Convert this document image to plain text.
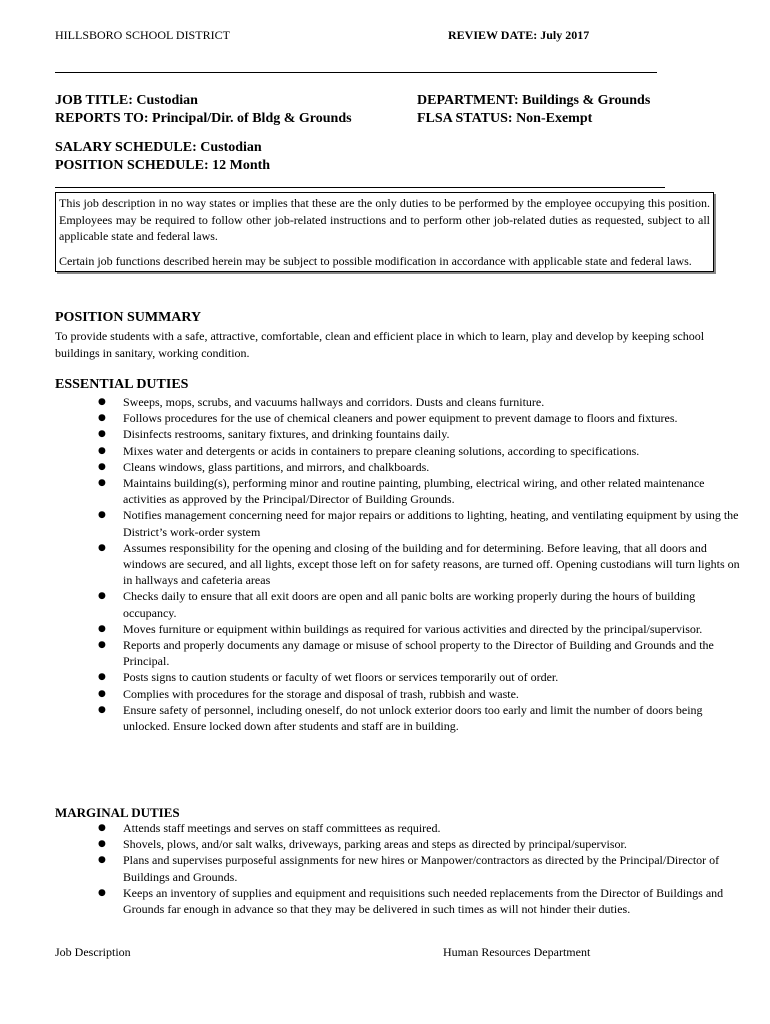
HILLSBORO SCHOOL DISTRICT	REVIEW DATE: July 2017
JOB TITLE: Custodian
REPORTS TO: Principal/Dir. of Bldg & Grounds
DEPARTMENT: Buildings & Grounds
FLSA STATUS: Non-Exempt
SALARY SCHEDULE: Custodian
POSITION SCHEDULE: 12 Month

This job description in no way states or implies that these are the only duties to be performed by the employee occupying this position. Employees may be required to follow other job-related instructions and to perform other job-related duties as requested, subject to all applicable state and federal laws.

Certain job functions described herein may be subject to possible modification in accordance with applicable state and federal laws.

POSITION SUMMARY
To provide students with a safe, attractive, comfortable, clean and efficient place in which to learn, play and develop by keeping school buildings in sanitary, working condition.
ESSENTIAL DUTIES
● Sweeps, mops, scrubs, and vacuums hallways and corridors. Dusts and cleans furniture.
● Follows procedures for the use of chemical cleaners and power equipment to prevent damage to floors and fixtures.
● Disinfects restrooms, sanitary fixtures, and drinking fountains daily.
● Mixes water and detergents or acids in containers to prepare cleaning solutions, according to specifications.
● Cleans windows, glass partitions, and mirrors, and chalkboards.
● Maintains building(s), performing minor and routine painting, plumbing, electrical wiring, and other related maintenance activities as approved by the Principal/Director of Building Grounds.
● Notifies management concerning need for major repairs or additions to lighting, heating, and ventilating equipment by using the District’s work-order system
● Assumes responsibility for the opening and closing of the building and for determining. Before leaving, that all doors and windows are secured, and all lights, except those left on for safety reasons, are turned off. Opening custodians will turn lights on in hallways and cafeteria areas
● Checks daily to ensure that all exit doors are open and all panic bolts are working properly during the hours of building occupancy.
● Moves furniture or equipment within buildings as required for various activities and directed by the principal/supervisor.
● Reports and properly documents any damage or misuse of school property to the Director of Building and Grounds and the Principal.
● Posts signs to caution students or faculty of wet floors or services temporarily out of order.
● Complies with procedures for the storage and disposal of trash, rubbish and waste.
● Ensure safety of personnel, including oneself, do not unlock exterior doors too early and limit the number of doors being unlocked. Ensure locked down after students and staff are in building.
MARGINAL DUTIES
● Attends staff meetings and serves on staff committees as required.
● Shovels, plows, and/or salt walks, driveways, parking areas and steps as directed by principal/supervisor.
● Plans and supervises purposeful assignments for new hires or Manpower/contractors as directed by the Principal/Director of Buildings and Grounds.
● Keeps an inventory of supplies and equipment and requisitions such needed replacements from the Director of Buildings and Grounds far enough in advance so that they may be delivered in such times as will not hinder their duties.
Job Description	Human Resources Department
